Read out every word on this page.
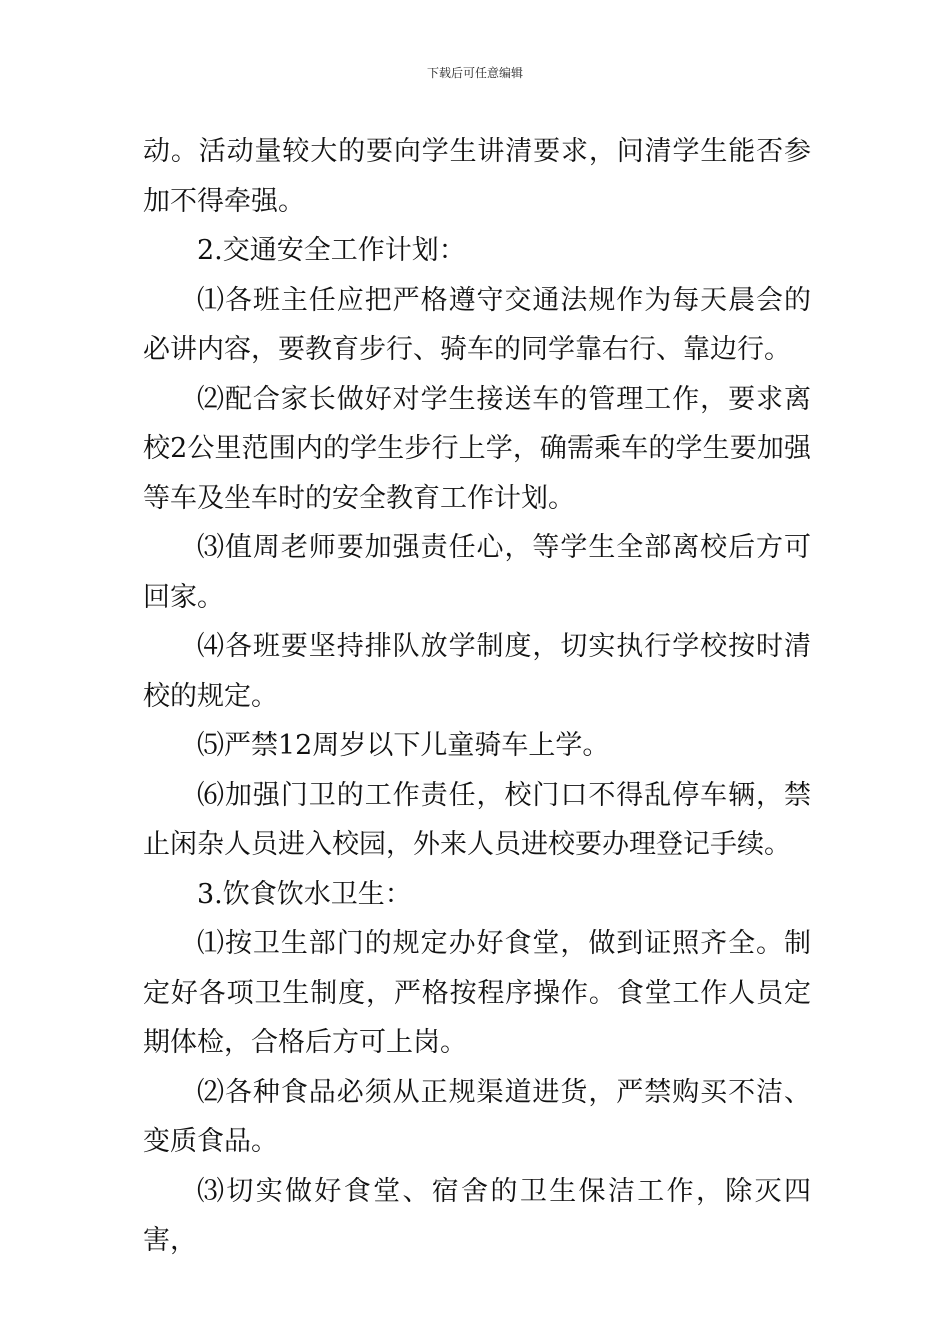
下载后可任意编辑

动。活动量较大的要向学生讲清要求，问清学生能否参加不得牵强。

2.交通安全工作计划：

⑴各班主任应把严格遵守交通法规作为每天晨会的必讲内容，要教育步行、骑车的同学靠右行、靠边行。

⑵配合家长做好对学生接送车的管理工作，要求离校2公里范围内的学生步行上学，确需乘车的学生要加强等车及坐车时的安全教育工作计划。

⑶值周老师要加强责任心，等学生全部离校后方可回家。

⑷各班要坚持排队放学制度，切实执行学校按时清校的规定。

⑸严禁12周岁以下儿童骑车上学。

⑹加强门卫的工作责任，校门口不得乱停车辆，禁止闲杂人员进入校园，外来人员进校要办理登记手续。

3.饮食饮水卫生：

⑴按卫生部门的规定办好食堂，做到证照齐全。制定好各项卫生制度，严格按程序操作。食堂工作人员定期体检，合格后方可上岗。

⑵各种食品必须从正规渠道进货，严禁购买不洁、变质食品。

⑶切实做好食堂、宿舍的卫生保洁工作，除灭四害，
